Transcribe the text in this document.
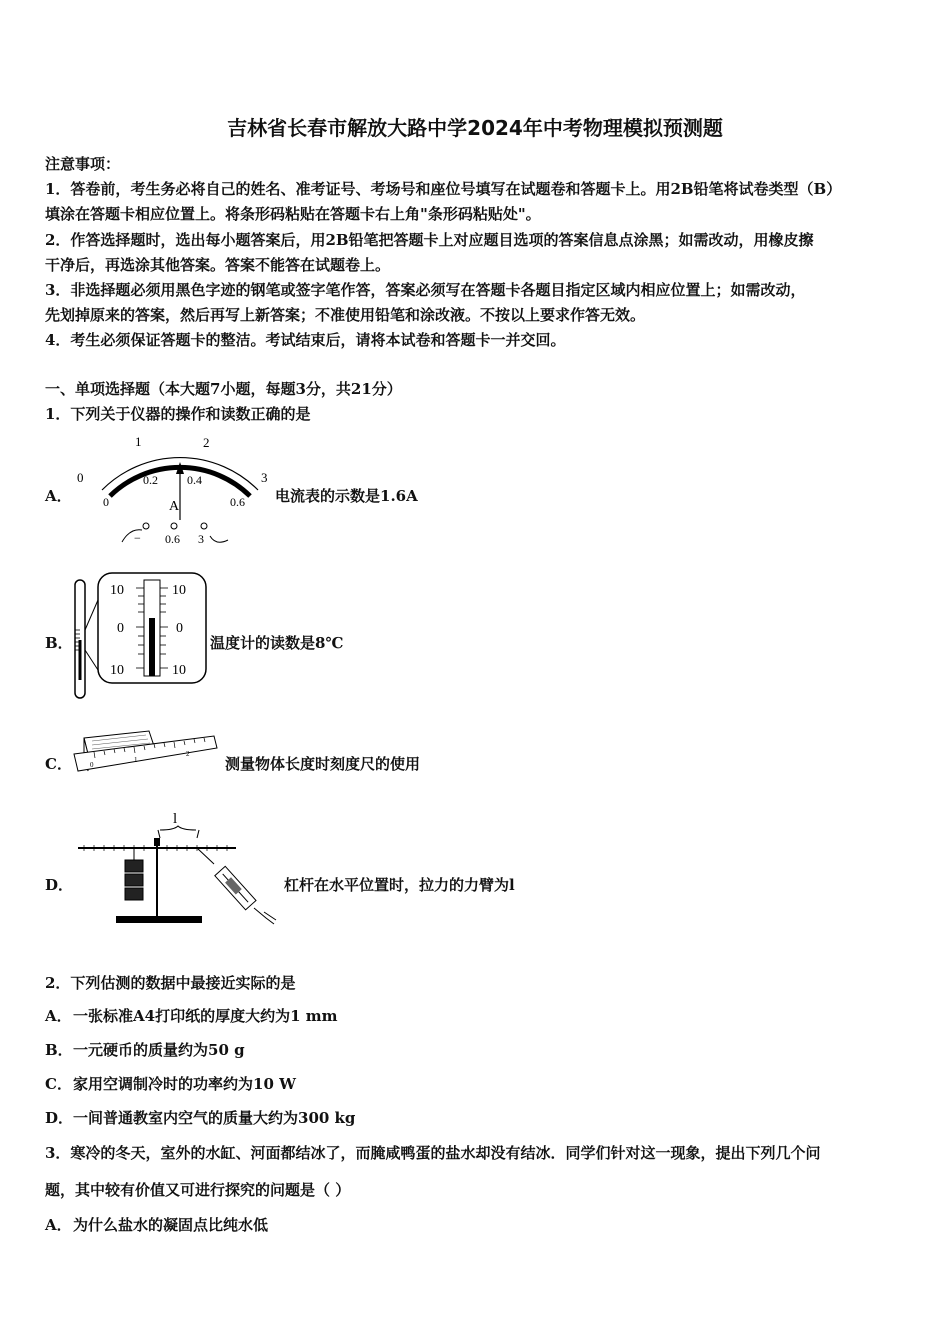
吉林省长春市解放大路中学2024年中考物理模拟预测题
注意事项：
1．答卷前，考生务必将自己的姓名、准考证号、考场号和座位号填写在试题卷和答题卡上。用2B铅笔将试卷类型（B）
填涂在答题卡相应位置上。将条形码粘贴在答题卡右上角"条形码粘贴处"。
2．作答选择题时，选出每小题答案后，用2B铅笔把答题卡上对应题目选项的答案信息点涂黑；如需改动，用橡皮擦
干净后，再选涂其他答案。答案不能答在试题卷上。
3．非选择题必须用黑色字迹的钢笔或签字笔作答，答案必须写在答题卡各题目指定区域内相应位置上；如需改动，
先划掉原来的答案，然后再写上新答案；不准使用铅笔和涂改液。不按以上要求作答无效。
4．考生必须保证答题卡的整洁。考试结束后，请将本试卷和答题卡一并交回。
一、单项选择题（本大题7小题，每题3分，共21分）
1．下列关于仪器的操作和读数正确的是
A．
0
1	2
3
0
0.2 0.4
0.6
A
− 0.6 3
电流表的示数是1.6A
B．
10
0
10
10
0
10
温度计的读数是8℃
C．	0
1
2
测量物体长度时刻度尺的使用
D．
l
杠杆在水平位置时，拉力的力臂为l
2．下列估测的数据中最接近实际的是
A． 一张标准A4打印纸的厚度大约为1 mm
B． 一元硬币的质量约为50 g
C． 家用空调制冷时的功率约为10 W
D． 一间普通教室内空气的质量大约为300 kg
3．寒冷的冬天，室外的水缸、河面都结冰了，而腌咸鸭蛋的盐水却没有结冰．同学们针对这一现象，提出下列几个问
题，其中较有价值又可进行探究的问题是（ ）
A． 为什么盐水的凝固点比纯水低
